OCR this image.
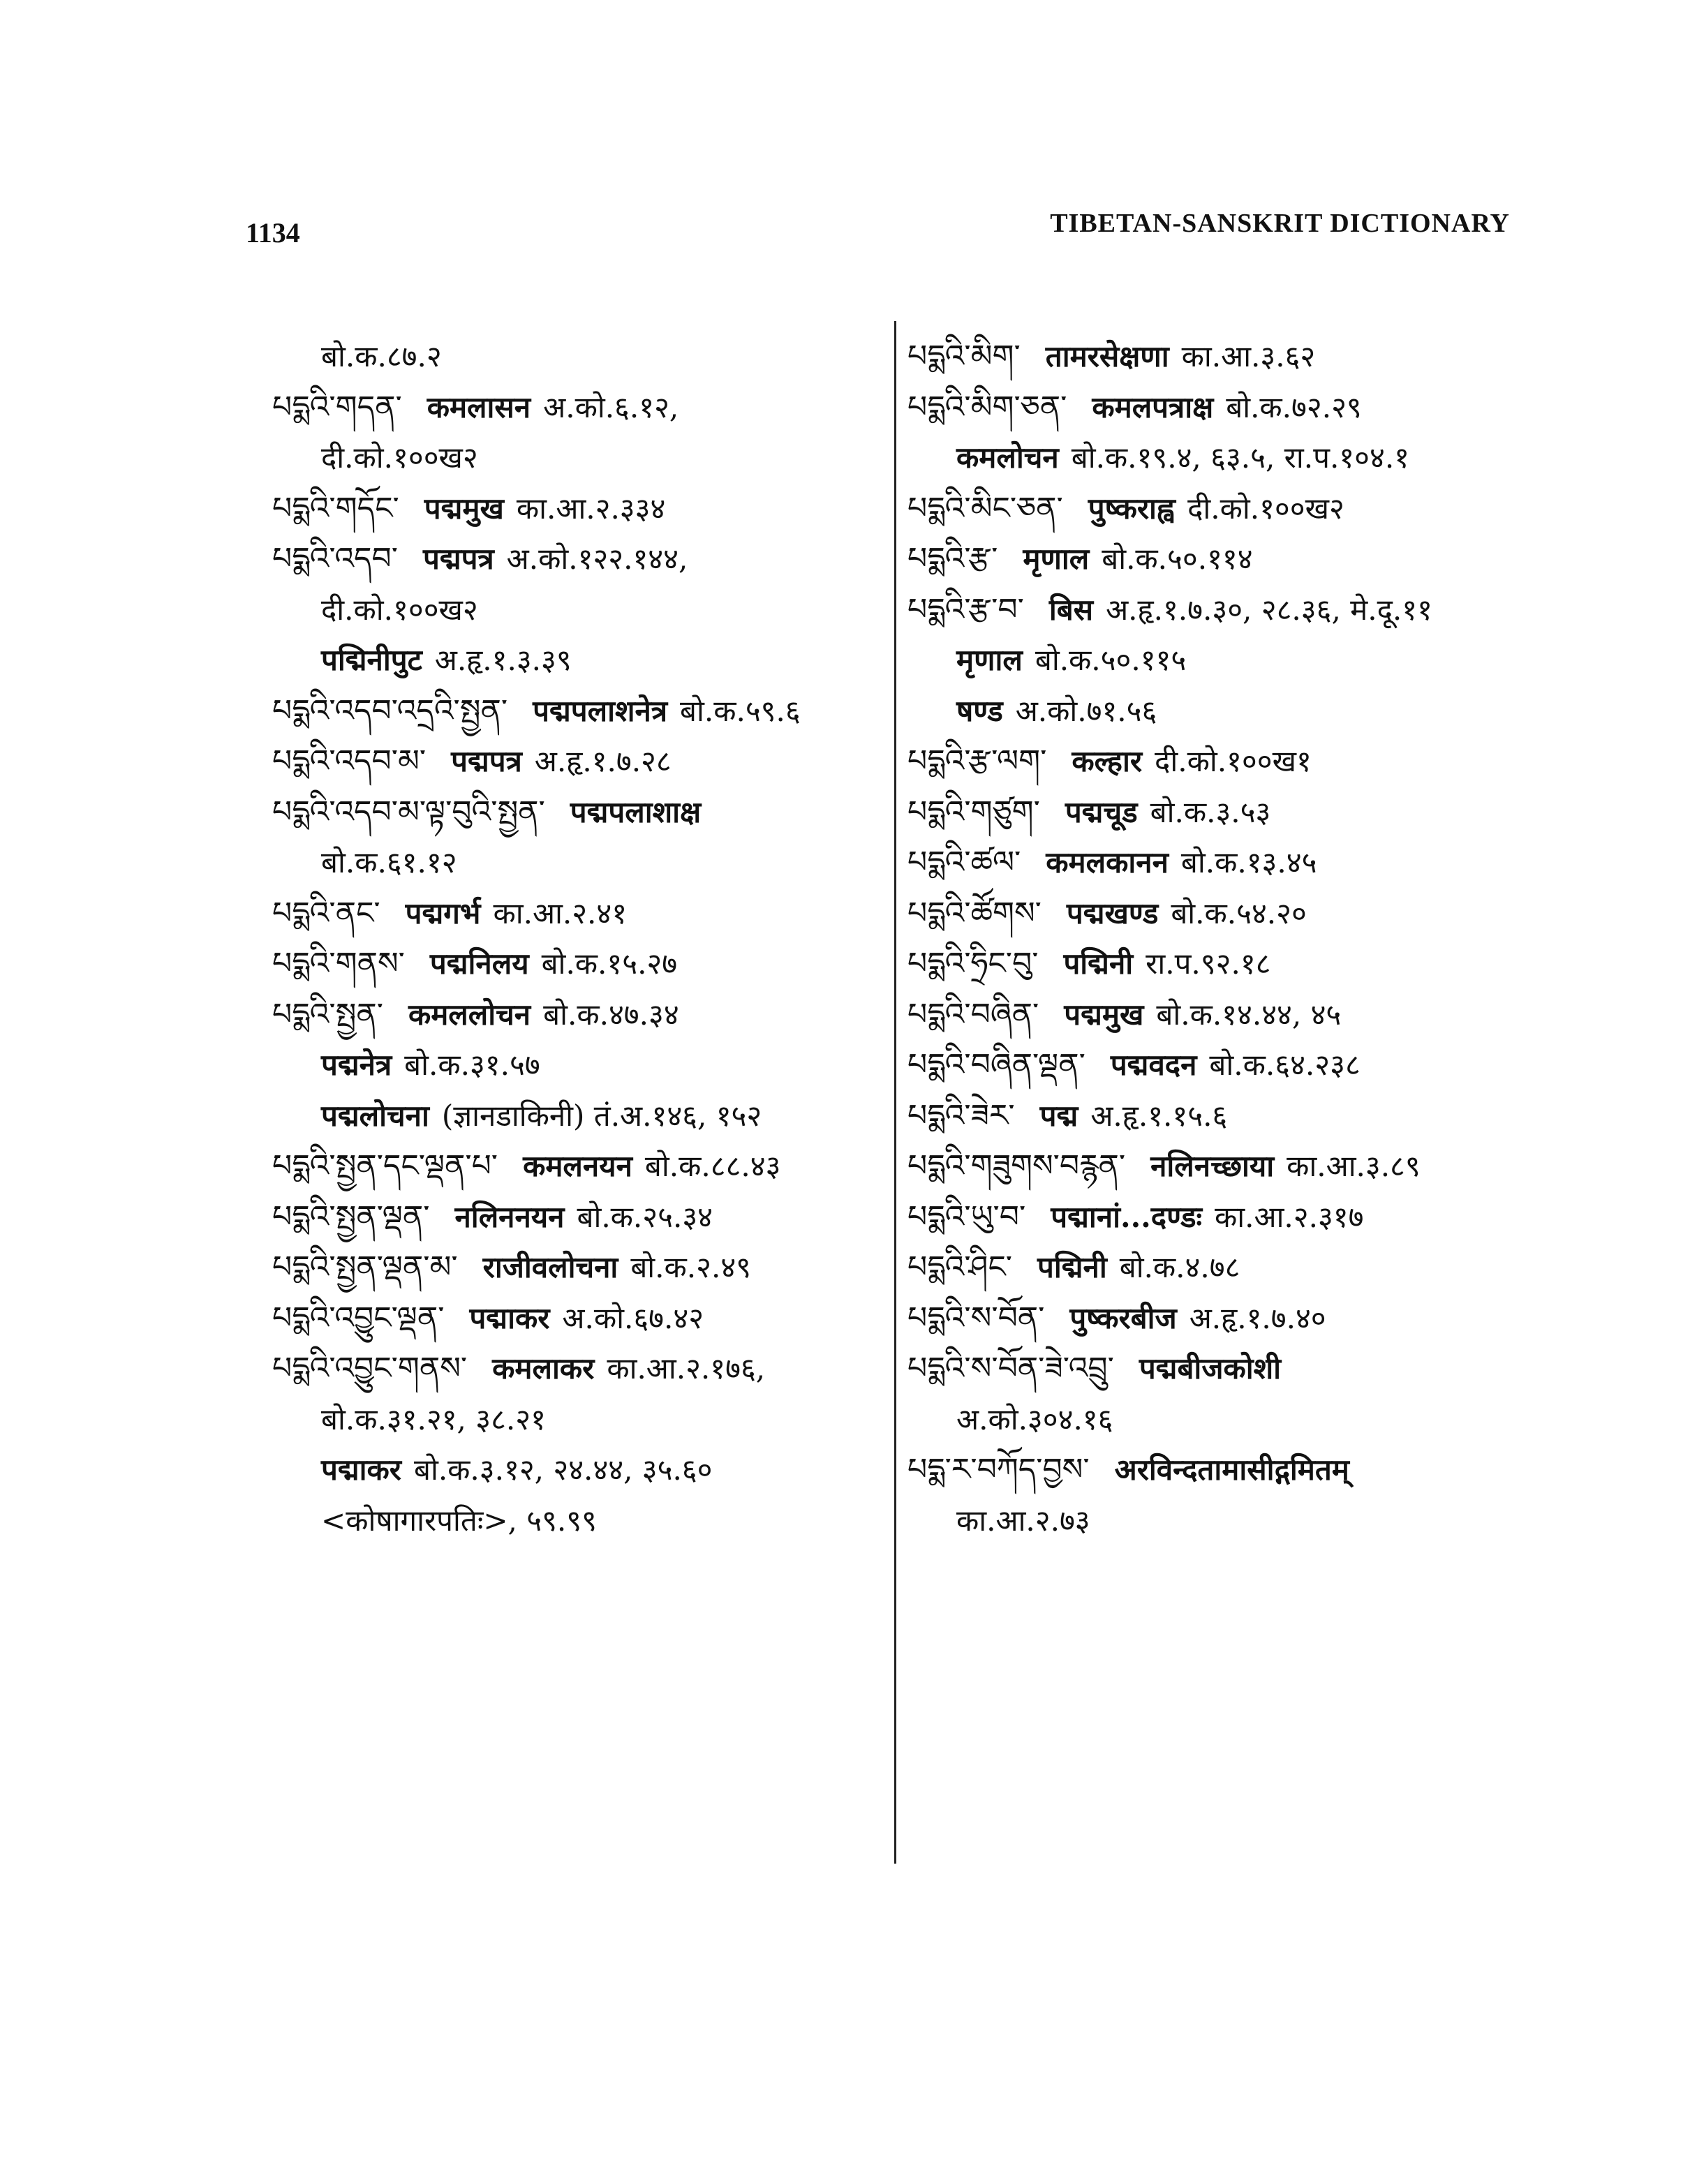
1134	TIBETAN-SANSKRIT DICTIONARY
बो.क.८७.२
པདྨའི་གདན་ कमलासन अ.को.६.१२,
दी.को.१००ख२
པདྨའི་གདོང་ पद्ममुख का.आ.२.३३४
པདྨའི་འདབ་ पद्मपत्र अ.को.१२२.१४४,
दी.को.१००ख२
पद्मिनीपुट अ.हृ.१.३.३९
པདྨའི་འདབ་འདྲའི་སྤྱན་ पद्मपलाशनेत्र बो.क.५९.६
པདྨའི་འདབ་མ་ पद्मपत्र अ.हृ.१.७.२८
པདྨའི་འདབ་མ་ལྟ་བུའི་སྤྱན་ पद्मपलाशाक्ष
बो.क.६१.१२
པདྨའི་ནང་ पद्मगर्भ का.आ.२.४१
པདྨའི་གནས་ पद्मनिलय बो.क.१५.२७
པདྨའི་སྤྱན་ कमललोचन बो.क.४७.३४
पद्मनेत्र बो.क.३१.५७
पद्मलोचना (ज्ञानडाकिनी) तं.अ.१४६, १५२
པདྨའི་སྤྱན་དང་ལྡན་པ་ कमलनयन बो.क.८८.४३
པདྨའི་སྤྱན་ལྡན་ नलिननयन बो.क.२५.३४
པདྨའི་སྤྱན་ལྡན་མ་ राजीवलोचना बो.क.२.४९
པདྨའི་འབྱུང་ལྡན་ पद्माकर अ.को.६७.४२
པདྨའི་འབྱུང་གནས་ कमलाकर का.आ.२.१७६,
बो.क.३१.२१, ३८.२१
पद्माकर बो.क.३.१२, २४.४४, ३५.६०
<कोषागारपतिः>, ५९.९९
པདྨའི་མིག་ तामरसेक्षणा का.आ.३.६२
པདྨའི་མིག་ཅན་ कमलपत्राक्ष बो.क.७२.२९
कमलोचन बो.क.१९.४, ६३.५, रा.प.१०४.१
པདྨའི་མིང་ཅན་ पुष्कराह्व दी.को.१००ख२
པདྨའི་རྩ་ मृणाल बो.क.५०.११४
པདྨའི་རྩ་བ་ बिस अ.हृ.१.७.३०, २८.३६, मे.दू.११
मृणाल बो.क.५०.११५
षण्ड अ.को.७१.५६
པདྨའི་རྩ་ལག་ कल्हार दी.को.१००ख१
པདྨའི་གཙུག་ पद्मचूड बो.क.३.५३
པདྨའི་ཚལ་ कमलकानन बो.क.१३.४५
པདྨའི་ཚོགས་ पद्मखण्ड बो.क.५४.२०
པདྨའི་ཧྲིང་བུ་ पद्मिनी रा.प.९२.१८
པདྨའི་བཞིན་ पद्ममुख बो.क.१४.४४, ४५
པདྨའི་བཞིན་ལྡན་ पद्मवदन बो.क.६४.२३८
པདྨའི་ཟེར་ पद्म अ.हृ.१.१५.६
པདྨའི་གཟུགས་བརྙན་ नलिनच्छाया का.आ.३.८९
པདྨའི་ཡུ་བ་ पद्मानां...दण्डः का.आ.२.३१७
པདྨའི་ཤིང་ पद्मिनी बो.क.४.७८
པདྨའི་ས་བོན་ पुष्करबीज अ.हृ.१.७.४०
པདྨའི་ས་བོན་ཟེ་འབྲུ་ पद्मबीजकोशी
अ.को.३०४.१६
པདྨ་ར་བཀོད་བྱས་ अरविन्दतामासीद्गमितम्
का.आ.२.७३
